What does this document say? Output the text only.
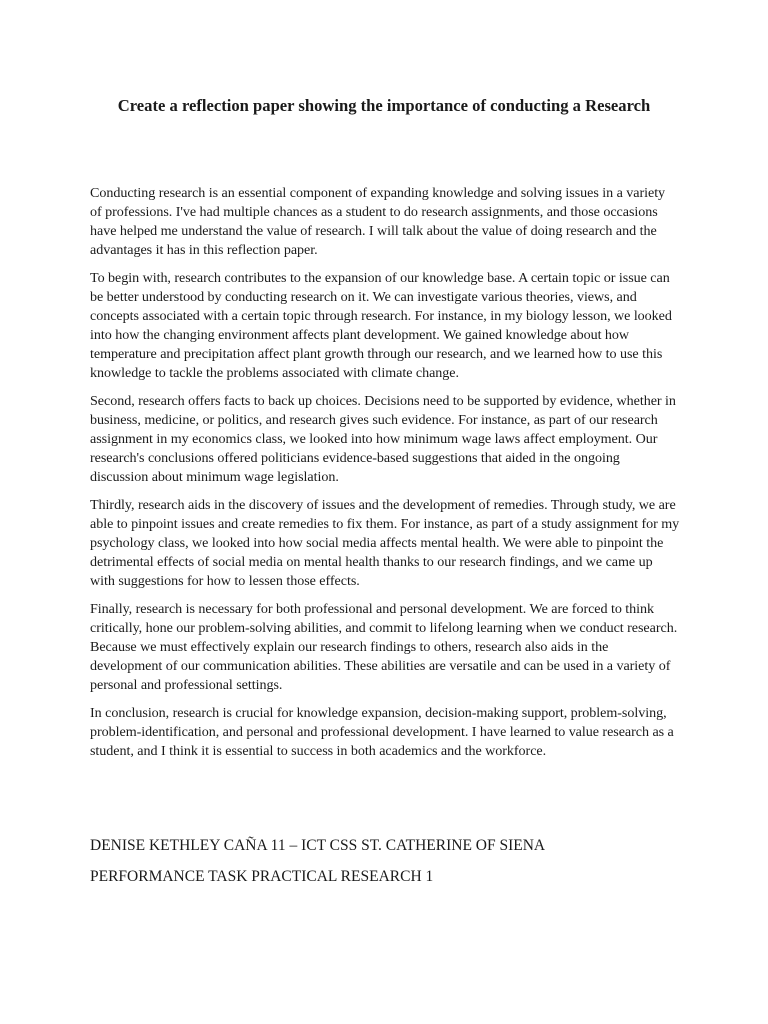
Create a reflection paper showing the importance of conducting a Research

Conducting research is an essential component of expanding knowledge and solving issues in a variety of professions. I've had multiple chances as a student to do research assignments, and those occasions have helped me understand the value of research. I will talk about the value of doing research and the advantages it has in this reflection paper.

To begin with, research contributes to the expansion of our knowledge base. A certain topic or issue can be better understood by conducting research on it. We can investigate various theories, views, and concepts associated with a certain topic through research. For instance, in my biology lesson, we looked into how the changing environment affects plant development. We gained knowledge about how temperature and precipitation affect plant growth through our research, and we learned how to use this knowledge to tackle the problems associated with climate change.

Second, research offers facts to back up choices. Decisions need to be supported by evidence, whether in business, medicine, or politics, and research gives such evidence. For instance, as part of our research assignment in my economics class, we looked into how minimum wage laws affect employment. Our research's conclusions offered politicians evidence-based suggestions that aided in the ongoing discussion about minimum wage legislation.

Thirdly, research aids in the discovery of issues and the development of remedies. Through study, we are able to pinpoint issues and create remedies to fix them. For instance, as part of a study assignment for my psychology class, we looked into how social media affects mental health. We were able to pinpoint the detrimental effects of social media on mental health thanks to our research findings, and we came up with suggestions for how to lessen those effects.

Finally, research is necessary for both professional and personal development. We are forced to think critically, hone our problem-solving abilities, and commit to lifelong learning when we conduct research. Because we must effectively explain our research findings to others, research also aids in the development of our communication abilities. These abilities are versatile and can be used in a variety of personal and professional settings.

In conclusion, research is crucial for knowledge expansion, decision-making support, problem-solving, problem-identification, and personal and professional development. I have learned to value research as a student, and I think it is essential to success in both academics and the workforce.

DENISE KETHLEY CAÑA 11 – ICT CSS ST. CATHERINE OF SIENA

PERFORMANCE TASK PRACTICAL RESEARCH 1
